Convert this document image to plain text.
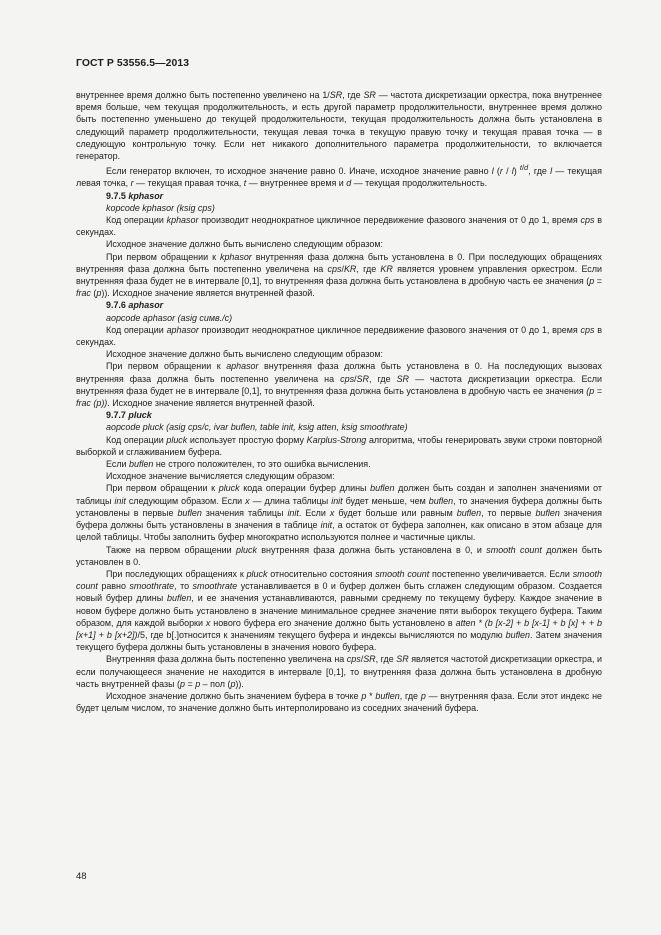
ГОСТ Р 53556.5—2013
внутреннее время должно быть постепенно увеличено на 1/SR, где SR — частота дискретизации оркестра, пока внутреннее время больше, чем текущая продолжительность, и есть другой параметр продолжительности, внутреннее время должно быть постепенно уменьшено до текущей продолжительности, текущая продолжительность должна быть установлена в следующий параметр продолжительности, текущая левая точка в текущую правую точку и текущая правая точка — в следующую контрольную точку. Если нет никакого дополнительного параметра продолжительности, то включается генератор.
Если генератор включен, то исходное значение равно 0. Иначе, исходное значение равно l (r / l) $^{t/d}$, где l — текущая левая точка, r — текущая правая точка, t — внутреннее время и d — текущая продолжительность.
9.7.5 kphasor
kopcode kphasor (ksig cps)
Код операции kphasor производит неоднократное цикличное передвижение фазового значения от 0 до 1, время cps в секундах.
Исходное значение должно быть вычислено следующим образом:
При первом обращении к kphasor внутренняя фаза должна быть установлена в 0. При последующих обращениях внутренняя фаза должна быть постепенно увеличена на cps/KR, где KR является уровнем управления оркестром. Если внутренняя фаза будет не в интервале [0,1], то внутренняя фаза должна быть установлена в дробную часть ее значения (p = frac (p)). Исходное значение является внутренней фазой.
9.7.6 aphasor
aopcode aphasor (asig симв./c)
Код операции aphasor производит неоднократное цикличное передвижение фазового значения от 0 до 1, время cps в секундах.
Исходное значение должно быть вычислено следующим образом:
При первом обращении к aphasor внутренняя фаза должна быть установлена в 0. На последующих вызовах внутренняя фаза должна быть постепенно увеличена на cps/SR, где SR — частота дискретизации оркестра. Если внутренняя фаза будет не в интервале [0,1], то внутренняя фаза должна быть установлена в дробную часть ее значения (p = frac (p)). Исходное значение является внутренней фазой.
9.7.7 pluck
aopcode pluck (asig cps/c, ivar buflen, table init, ksig atten, ksig smoothrate)
Код операции pluck использует простую форму Karplus-Strong алгоритма, чтобы генерировать звуки строки повторной выборкой и сглаживанием буфера.
Если buflen не строго положителен, то это ошибка вычисления.
Исходное значение вычисляется следующим образом:
При первом обращении к pluck кода операции буфер длины buflen должен быть создан и заполнен значениями от таблицы init следующим образом. Если x — длина таблицы init будет меньше, чем buflen, то значения буфера должны быть установлены в первые buflen значения таблицы init. Если x будет больше или равным buflen, то первые buflen значения буфера должны быть установлены в значения в таблице init, а остаток от буфера заполнен, как описано в этом абзаце для целой таблицы. Чтобы заполнить буфер многократно используются полнее и частичные циклы.
Также на первом обращении pluck внутренняя фаза должна быть установлена в 0, и smooth count должен быть установлен в 0.
При последующих обращениях к pluck относительно состояния smooth count постепенно увеличивается. Если smooth count равно smoothrate, то smoothrate устанавливается в 0 и буфер должен быть сглажен следующим образом. Создается новый буфер длины buflen, и ее значения устанавливаются, равными среднему по текущему буферу. Каждое значение в новом буфере должно быть установлено в значение минимальное среднее значение пяти выборок текущего буфера. Таким образом, для каждой выборки x нового буфера его значение должно быть установлено в atten * (b [x-2] + b [x-1] + b [x] + + b [x+1] + b [x+2])/5, где b[.]относится к значениям текущего буфера и индексы вычисляются по модулю buflen. Затем значения текущего буфера должны быть установлены в значения нового буфера.
Внутренняя фаза должна быть постепенно увеличена на cps/SR, где SR является частотой дискретизации оркестра, и если получающееся значение не находится в интервале [0,1], то внутренняя фаза должна быть установлена в дробную часть внутренней фазы (p = p – пол (p)).
Исходное значение должно быть значением буфера в точке p * buflen, где p — внутренняя фаза. Если этот индекс не будет целым числом, то значение должно быть интерполировано из соседних значений буфера.
48
